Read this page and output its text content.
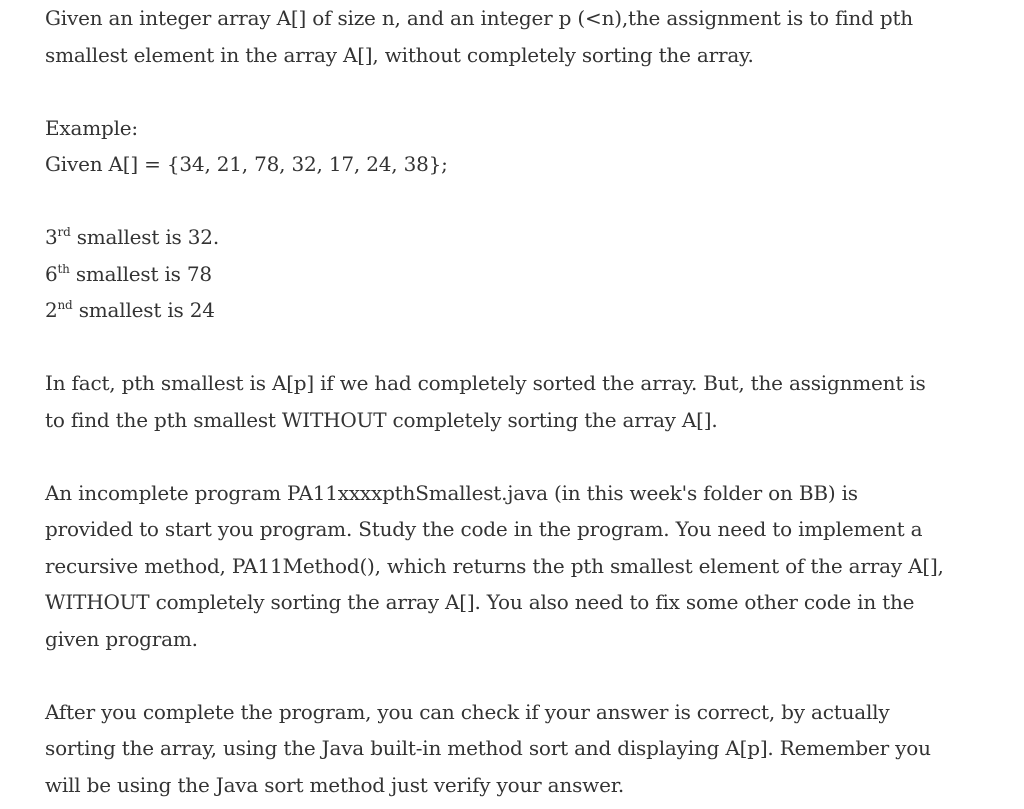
Given an integer array A[] of size n, and an integer p (<n),the assignment is to find pth
smallest element in the array A[], without completely sorting the array.
Example:
Given A[] = {34, 21, 78, 32, 17, 24, 38};
3rd smallest is 32.
6th smallest is 78
2nd smallest is 24
In fact, pth smallest is A[p] if we had completely sorted the array. But, the assignment is
to find the pth smallest WITHOUT completely sorting the array A[].
An incomplete program PA11xxxxpthSmallest.java (in this week's folder on BB) is
provided to start you program. Study the code in the program. You need to implement a
recursive method, PA11Method(), which returns the pth smallest element of the array A[],
WITHOUT completely sorting the array A[]. You also need to fix some other code in the
given program.
After you complete the program, you can check if your answer is correct, by actually
sorting the array, using the Java built-in method sort and displaying A[p]. Remember you
will be using the Java sort method just verify your answer.
